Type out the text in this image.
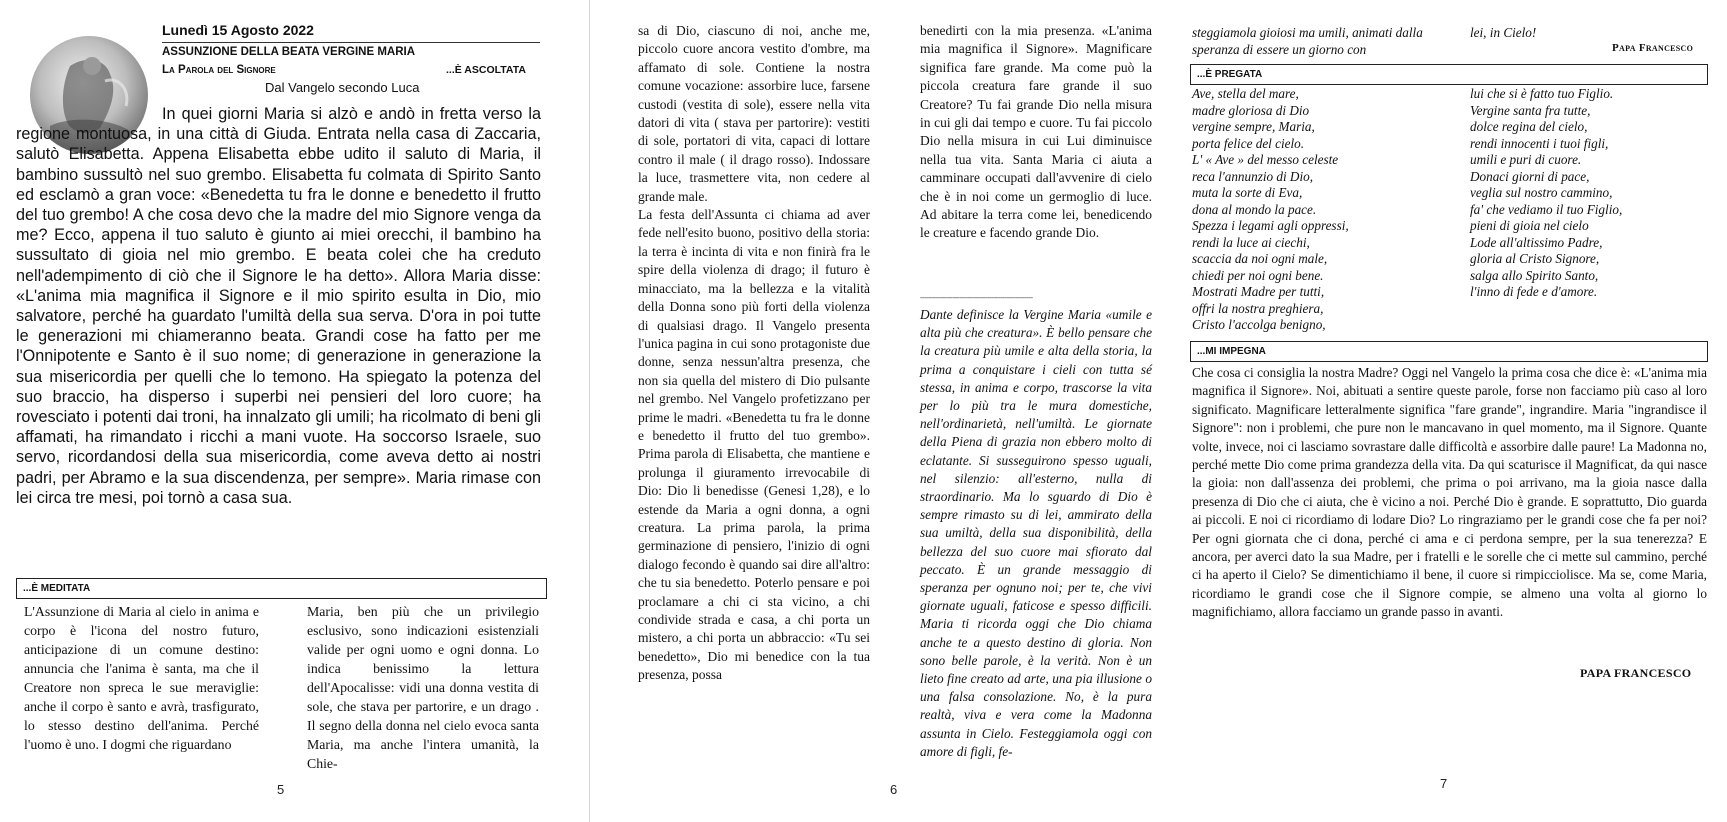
Lunedì 15 Agosto 2022
ASSUNZIONE DELLA BEATA VERGINE MARIA
La Parola del Signore	...È ASCOLTATA
Dal Vangelo secondo Luca

In quei giorni Maria si alzò e andò in fretta verso la regione montuosa, in una città di Giuda. Entrata nella casa di Zaccaria, salutò Elisabetta. Appena Elisabetta ebbe udito il saluto di Maria, il bambino sussultò nel suo grembo. Elisabetta fu colmata di Spirito Santo ed esclamò a gran voce: «Benedetta tu fra le donne e benedetto il frutto del tuo grembo! A che cosa devo che la madre del mio Signore venga da me? Ecco, appena il tuo saluto è giunto ai miei orecchi, il bambino ha sussultato di gioia nel mio grembo. E beata colei che ha creduto nell'adempimento di ciò che il Signore le ha detto». Allora Maria disse: «L'anima mia magnifica il Signore e il mio spirito esulta in Dio, mio salvatore, perché ha guardato l'umiltà della sua serva. D'ora in poi tutte le generazioni mi chiameranno beata. Grandi cose ha fatto per me l'Onnipotente e Santo è il suo nome; di generazione in generazione la sua misericordia per quelli che lo temono. Ha spiegato la potenza del suo braccio, ha disperso i superbi nei pensieri del loro cuore; ha rovesciato i potenti dai troni, ha innalzato gli umili; ha ricolmato di beni gli affamati, ha rimandato i ricchi a mani vuote. Ha soccorso Israele, suo servo, ricordandosi della sua misericordia, come aveva detto ai nostri padri, per Abramo e la sua discendenza, per sempre». Maria rimase con lei circa tre mesi, poi tornò a casa sua.

...È MEDITATA

L'Assunzione di Maria al cielo in anima e corpo è l'icona del nostro futuro, anticipazione di un comune destino: annuncia che l'anima è santa, ma che il Creatore non spreca le sue meraviglie: anche il corpo è santo e avrà, trasfigurato, lo stesso destino dell'anima. Perché l'uomo è uno. I dogmi che riguardano

Maria, ben più che un privilegio esclusivo, sono indicazioni esistenziali valide per ogni uomo e ogni donna. Lo indica benissimo la lettura dell'Apocalisse: vidi una donna vestita di sole, che stava per partorire, e un drago . Il segno della donna nel cielo evoca santa Maria, ma anche l'intera umanità, la Chie-

5

sa di Dio, ciascuno di noi, anche me, piccolo cuore ancora vestito d'ombre, ma affamato di sole. Contiene la nostra comune vocazione: assorbire luce, farsene custodi (vestita di sole), essere nella vita datori di vita ( stava per partorire): vestiti di sole, portatori di vita, capaci di lottare contro il male ( il drago rosso). Indossare la luce, trasmettere vita, non cedere al grande male.
La festa dell'Assunta ci chiama ad aver fede nell'esito buono, positivo della storia: la terra è incinta di vita e non finirà fra le spire della violenza di drago; il futuro è minacciato, ma la bellezza e la vitalità della Donna sono più forti della violenza di qualsiasi drago. Il Vangelo presenta l'unica pagina in cui sono protagoniste due donne, senza nessun'altra presenza, che non sia quella del mistero di Dio pulsante nel grembo. Nel Vangelo profetizzano per prime le madri. «Benedetta tu fra le donne e benedetto il frutto del tuo grembo». Prima parola di Elisabetta, che mantiene e prolunga il giuramento irrevocabile di Dio: Dio li benedisse (Genesi 1,28), e lo estende da Maria a ogni donna, a ogni creatura. La prima parola, la prima germinazione di pensiero, l'inizio di ogni dialogo fecondo è quando sai dire all'altro: che tu sia benedetto. Poterlo pensare e poi proclamare a chi ci sta vicino, a chi condivide strada e casa, a chi porta un mistero, a chi porta un abbraccio: «Tu sei benedetto», Dio mi benedice con la tua presenza, possa

benedirti con la mia presenza. «L'anima mia magnifica il Signore». Magnificare significa fare grande. Ma come può la piccola creatura fare grande il suo Creatore? Tu fai grande Dio nella misura in cui gli dai tempo e cuore. Tu fai piccolo Dio nella misura in cui Lui diminuisce nella tua vita. Santa Maria ci aiuta a camminare occupati dall'avvenire di cielo che è in noi come un germoglio di luce. Ad abitare la terra come lei, benedicendo le creature e facendo grande Dio.

----------------------------------------------------

Dante definisce la Vergine Maria «umile e alta più che creatura». È bello pensare che la creatura più umile e alta della storia, la prima a conquistare i cieli con tutta sé stessa, in anima e corpo, trascorse la vita per lo più tra le mura domestiche, nell'ordinarietà, nell'umiltà. Le giornate della Piena di grazia non ebbero molto di eclatante. Si susseguirono spesso uguali, nel silenzio: all'esterno, nulla di straordinario. Ma lo sguardo di Dio è sempre rimasto su di lei, ammirato della sua umiltà, della sua disponibilità, della bellezza del suo cuore mai sfiorato dal peccato. È un grande messaggio di speranza per ognuno noi; per te, che vivi giornate uguali, faticose e spesso difficili. Maria ti ricorda oggi che Dio chiama anche te a questo destino di gloria. Non sono belle parole, è la verità. Non è un lieto fine creato ad arte, una pia illusione o una falsa consolazione. No, è la pura realtà, viva e vera come la Madonna assunta in Cielo. Festeggiamola oggi con amore di figli, fe-

6

steggiamola gioiosi ma umili, animati dalla speranza di essere un giorno con

lei, in Cielo!

Papa Francesco
...È PREGATA

Ave, stella del mare,
madre gloriosa di Dio
vergine sempre, Maria,
porta felice del cielo.
L' « Ave » del messo celeste
reca l'annunzio di Dio,
muta la sorte di Eva,
dona al mondo la pace.
Spezza i legami agli oppressi,
rendi la luce ai ciechi,
scaccia da noi ogni male,
chiedi per noi ogni bene.
Mostrati Madre per tutti,
offri la nostra preghiera,
Cristo l'accolga benigno,

lui che si è fatto tuo Figlio.
Vergine santa fra tutte,
dolce regina del cielo,
rendi innocenti i tuoi figli,
umili e puri di cuore.
Donaci giorni di pace,
veglia sul nostro cammino,
fa' che vediamo il tuo Figlio,
pieni di gioia nel cielo
Lode all'altissimo Padre,
gloria al Cristo Signore,
salga allo Spirito Santo,
l'inno di fede e d'amore.

...MI IMPEGNA

Che cosa ci consiglia la nostra Madre? Oggi nel Vangelo la prima cosa che dice è: «L'anima mia magnifica il Signore». Noi, abituati a sentire queste parole, forse non facciamo più caso al loro significato. Magnificare letteralmente significa "fare grande", ingrandire. Maria "ingrandisce il Signore": non i problemi, che pure non le mancavano in quel momento, ma il Signore. Quante volte, invece, noi ci lasciamo sovrastare dalle difficoltà e assorbire dalle paure! La Madonna no, perché mette Dio come prima grandezza della vita. Da qui scaturisce il Magnificat, da qui nasce la gioia: non dall'assenza dei problemi, che prima o poi arrivano, ma la gioia nasce dalla presenza di Dio che ci aiuta, che è vicino a noi. Perché Dio è grande. E soprattutto, Dio guarda ai piccoli. E noi ci ricordiamo di lodare Dio? Lo ringraziamo per le grandi cose che fa per noi? Per ogni giornata che ci dona, perché ci ama e ci perdona sempre, per la sua tenerezza? E ancora, per averci dato la sua Madre, per i fratelli e le sorelle che ci mette sul cammino, perché ci ha aperto il Cielo? Se dimentichiamo il bene, il cuore si rimpicciolisce. Ma se, come Maria, ricordiamo le grandi cose che il Signore compie, se almeno una volta al giorno lo magnifichiamo, allora facciamo un grande passo in avanti.

PAPA FRANCESCO
7
